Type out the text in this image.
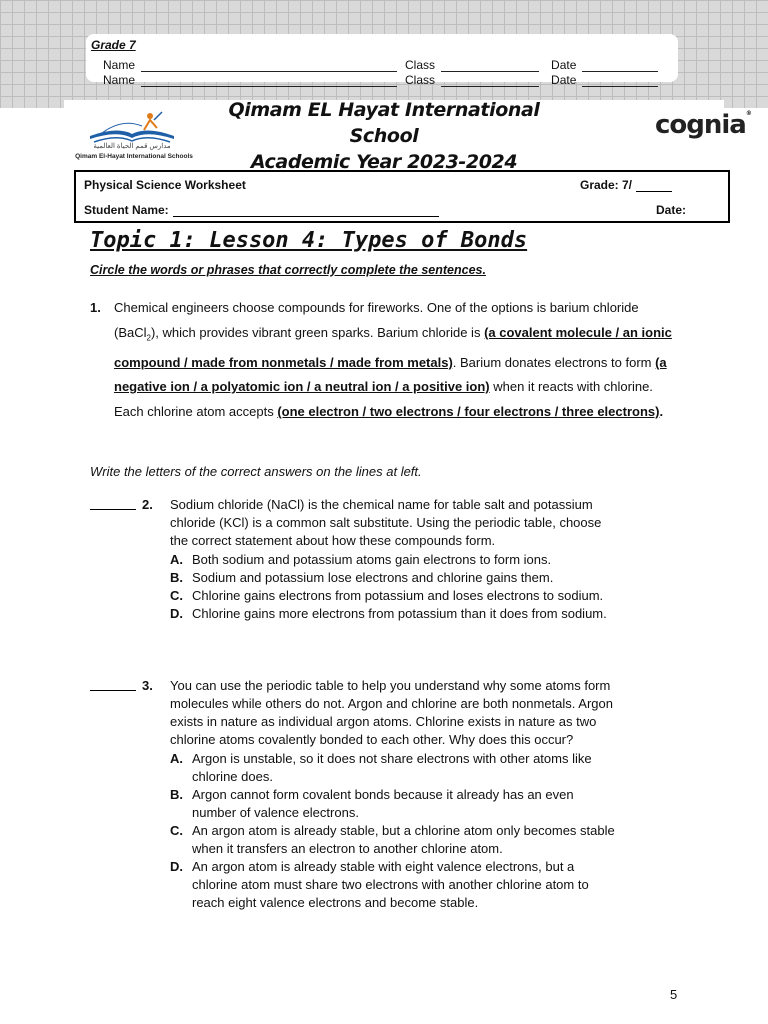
Grade 7
Name	Class	Date
Name	Class	Date
مدارس قمم الحياة العالمية
Qimam El-Hayat International Schools
Qimam EL Hayat International School
Academic Year 2023-2024
cognia®
Physical Science Worksheet	Grade: 7/
Student Name:	Date:
Topic 1: Lesson 4: Types of Bonds
Circle the words or phrases that correctly complete the sentences.
1. Chemical engineers choose compounds for fireworks. One of the options is barium chloride (BaCl$_2$), which provides vibrant green sparks. Barium chloride is (a covalent molecule / an ionic compound / made from nonmetals / made from metals). Barium donates electrons to form (a negative ion / a polyatomic ion / a neutral ion / a positive ion) when it reacts with chlorine. Each chlorine atom accepts (one electron / two electrons / four electrons / three electrons).
Write the letters of the correct answers on the lines at left.
2. Sodium chloride (NaCl) is the chemical name for table salt and potassium chloride (KCl) is a common salt substitute. Using the periodic table, choose the correct statement about how these compounds form.
A. Both sodium and potassium atoms gain electrons to form ions.
B. Sodium and potassium lose electrons and chlorine gains them.
C. Chlorine gains electrons from potassium and loses electrons to sodium.
D. Chlorine gains more electrons from potassium than it does from sodium.
3. You can use the periodic table to help you understand why some atoms form molecules while others do not. Argon and chlorine are both nonmetals. Argon exists in nature as individual argon atoms. Chlorine exists in nature as two chlorine atoms covalently bonded to each other. Why does this occur?
A. Argon is unstable, so it does not share electrons with other atoms like chlorine does.
B. Argon cannot form covalent bonds because it already has an even number of valence electrons.
C. An argon atom is already stable, but a chlorine atom only becomes stable when it transfers an electron to another chlorine atom.
D. An argon atom is already stable with eight valence electrons, but a chlorine atom must share two electrons with another chlorine atom to reach eight valence electrons and become stable.
5
